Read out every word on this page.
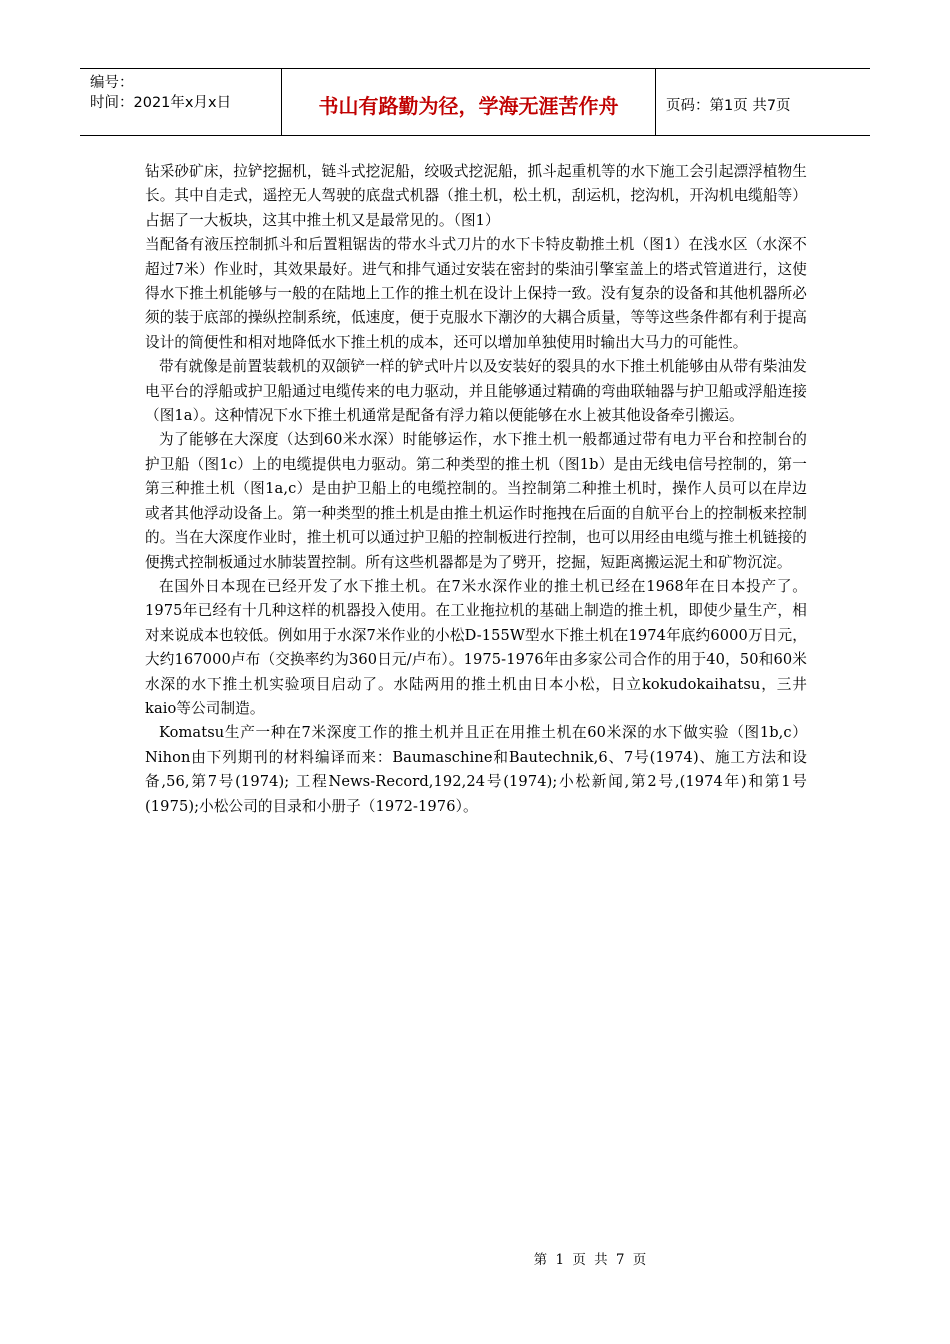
编号：
时间：2021年x月x日	书山有路勤为径，学海无涯苦作舟	页码：第1页 共7页

钻采砂矿床，拉铲挖掘机，链斗式挖泥船，绞吸式挖泥船，抓斗起重机等的水下施工会引起漂浮植物生长。其中自走式，遥控无人驾驶的底盘式机器（推土机，松土机，刮运机，挖沟机，开沟机电缆船等）占据了一大板块，这其中推土机又是最常见的。（图1）

当配备有液压控制抓斗和后置粗锯齿的带水斗式刀片的水下卡特皮勒推土机（图1）在浅水区（水深不超过7米）作业时，其效果最好。进气和排气通过安装在密封的柴油引擎室盖上的塔式管道进行，这使得水下推土机能够与一般的在陆地上工作的推土机在设计上保持一致。没有复杂的设备和其他机器所必须的装于底部的操纵控制系统，低速度，便于克服水下潮汐的大耦合质量，等等这些条件都有利于提高设计的简便性和相对地降低水下推土机的成本，还可以增加单独使用时输出大马力的可能性。

带有就像是前置装载机的双颌铲一样的铲式叶片以及安装好的裂具的水下推土机能够由从带有柴油发电平台的浮船或护卫船通过电缆传来的电力驱动，并且能够通过精确的弯曲联轴器与护卫船或浮船连接（图1a）。这种情况下水下推土机通常是配备有浮力箱以便能够在水上被其他设备牵引搬运。

为了能够在大深度（达到60米水深）时能够运作，水下推土机一般都通过带有电力平台和控制台的护卫船（图1c）上的电缆提供电力驱动。第二种类型的推土机（图1b）是由无线电信号控制的，第一第三种推土机（图1a,c）是由护卫船上的电缆控制的。当控制第二种推土机时，操作人员可以在岸边或者其他浮动设备上。第一种类型的推土机是由推土机运作时拖拽在后面的自航平台上的控制板来控制的。当在大深度作业时，推土机可以通过护卫船的控制板进行控制，也可以用经由电缆与推土机链接的便携式控制板通过水肺装置控制。所有这些机器都是为了劈开，挖掘，短距离搬运泥土和矿物沉淀。

在国外日本现在已经开发了水下推土机。在7米水深作业的推土机已经在1968年在日本投产了。1975年已经有十几种这样的机器投入使用。在工业拖拉机的基础上制造的推土机，即使少量生产，相对来说成本也较低。例如用于水深7米作业的小松D-155W型水下推土机在1974年底约6000万日元，大约167000卢布（交换率约为360日元/卢布）。1975-1976年由多家公司合作的用于40，50和60米水深的水下推土机实验项目启动了。水陆两用的推土机由日本小松，日立kokudokaihatsu，三井kaio等公司制造。

Komatsu生产一种在7米深度工作的推土机并且正在用推土机在60米深的水下做实验（图1b,c）Nihon由下列期刊的材料编译而来：Baumaschine和Bautechnik,6、7号(1974)、施工方法和设备,56,第7号(1974); 工程News-Record,192,24号(1974);小松新闻,第2号,(1974年)和第1号(1975);小松公司的目录和小册子（1972-1976）。

第 1 页 共 7 页
